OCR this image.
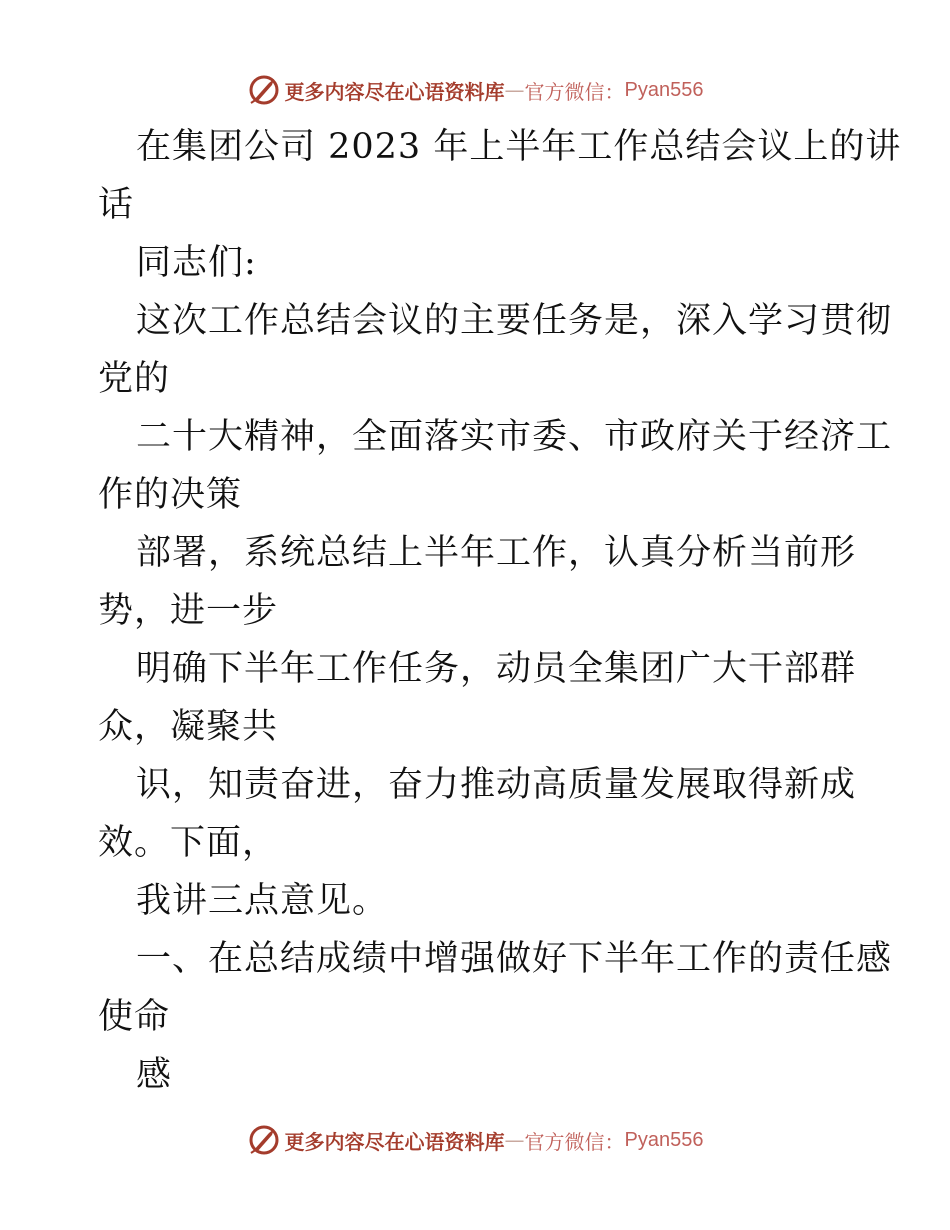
更多内容尽在心语资料库 — 官方微信： Pyan556
在集团公司 2023 年上半年工作总结会议上的讲
话
同志们:
这次工作总结会议的主要任务是，深入学习贯彻
党的
二十大精神，全面落实市委、市政府关于经济工
作的决策
部署，系统总结上半年工作，认真分析当前形
势，进一步
明确下半年工作任务，动员全集团广大干部群
众，凝聚共
识，知责奋进，奋力推动高质量发展取得新成
效。下面，
我讲三点意见。
一、在总结成绩中增强做好下半年工作的责任感
使命
感
更多内容尽在心语资料库 — 官方微信： Pyan556
